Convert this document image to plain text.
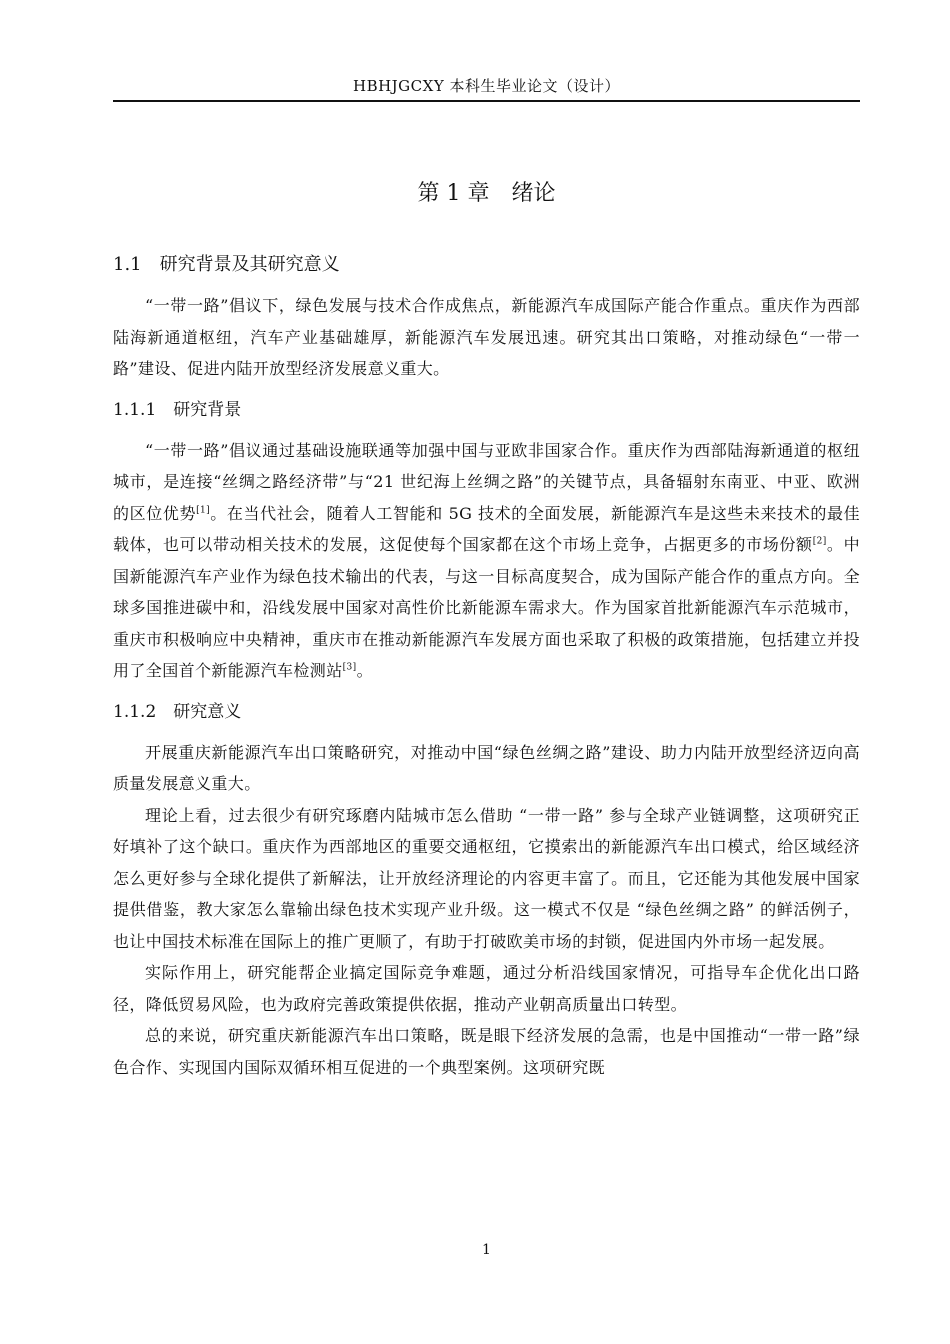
HBHJGCXY 本科生毕业论文（设计）
第 1 章　绪论
1.1　研究背景及其研究意义

“一带一路”倡议下，绿色发展与技术合作成焦点，新能源汽车成国际产能合作重点。重庆作为西部陆海新通道枢纽，汽车产业基础雄厚，新能源汽车发展迅速。研究其出口策略，对推动绿色“一带一路”建设、促进内陆开放型经济发展意义重大。

1.1.1　研究背景

“一带一路”倡议通过基础设施联通等加强中国与亚欧非国家合作。重庆作为西部陆海新通道的枢纽城市，是连接“丝绸之路经济带”与“21 世纪海上丝绸之路”的关键节点，具备辐射东南亚、中亚、欧洲的区位优势[1]。在当代社会，随着人工智能和 5G 技术的全面发展，新能源汽车是这些未来技术的最佳载体，也可以带动相关技术的发展，这促使每个国家都在这个市场上竞争，占据更多的市场份额[2]。中国新能源汽车产业作为绿色技术输出的代表，与这一目标高度契合，成为国际产能合作的重点方向。全球多国推进碳中和，沿线发展中国家对高性价比新能源车需求大。作为国家首批新能源汽车示范城市，重庆市积极响应中央精神，重庆市在推动新能源汽车发展方面也采取了积极的政策措施，包括建立并投用了全国首个新能源汽车检测站[3]。

1.1.2　研究意义

开展重庆新能源汽车出口策略研究，对推动中国“绿色丝绸之路”建设、助力内陆开放型经济迈向高质量发展意义重大。

理论上看，过去很少有研究琢磨内陆城市怎么借助 “一带一路” 参与全球产业链调整，这项研究正好填补了这个缺口。重庆作为西部地区的重要交通枢纽，它摸索出的新能源汽车出口模式，给区域经济怎么更好参与全球化提供了新解法，让开放经济理论的内容更丰富了。而且，它还能为其他发展中国家提供借鉴，教大家怎么靠输出绿色技术实现产业升级。这一模式不仅是 “绿色丝绸之路” 的鲜活例子，也让中国技术标准在国际上的推广更顺了，有助于打破欧美市场的封锁，促进国内外市场一起发展。

实际作用上，研究能帮企业搞定国际竞争难题，通过分析沿线国家情况，可指导车企优化出口路径，降低贸易风险，也为政府完善政策提供依据，推动产业朝高质量出口转型。

总的来说，研究重庆新能源汽车出口策略，既是眼下经济发展的急需，也是中国推动“一带一路”绿色合作、实现国内国际双循环相互促进的一个典型案例。这项研究既

1
